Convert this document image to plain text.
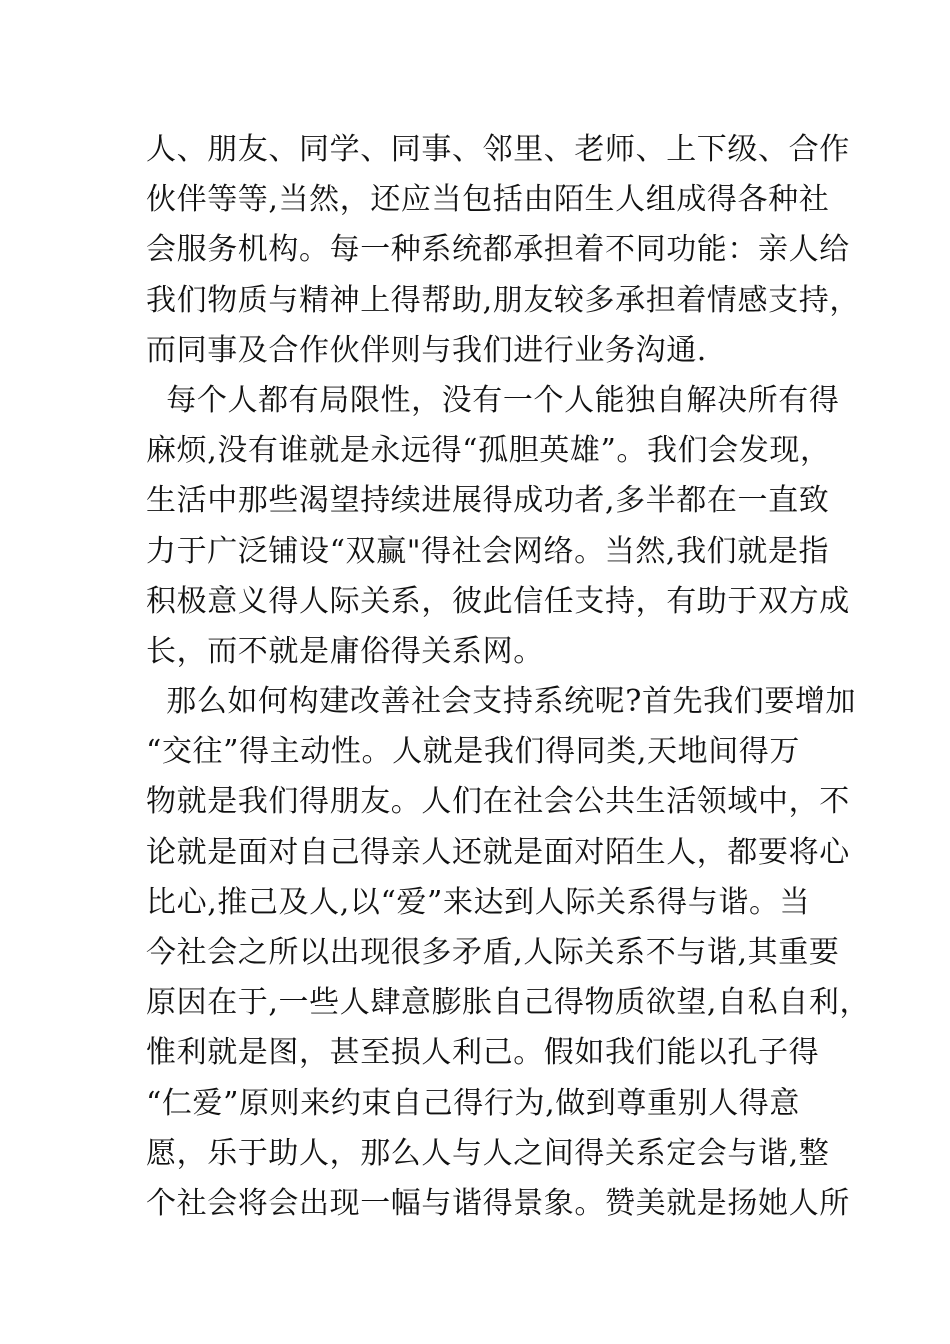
人、朋友、同学、同事、邻里、老师、上下级、合作
伙伴等等,当然，还应当包括由陌生人组成得各种社
会服务机构。每一种系统都承担着不同功能：亲人给
我们物质与精神上得帮助,朋友较多承担着情感支持，
而同事及合作伙伴则与我们进行业务沟通.
每个人都有局限性，没有一个人能独自解决所有得
麻烦,没有谁就是永远得“孤胆英雄”。我们会发现，
生活中那些渴望持续进展得成功者,多半都在一直致
力于广泛铺设“双赢"得社会网络。当然,我们就是指
积极意义得人际关系，彼此信任支持，有助于双方成
长，而不就是庸俗得关系网。
那么如何构建改善社会支持系统呢?首先我们要增加
“交往”得主动性。人就是我们得同类,天地间得万
物就是我们得朋友。人们在社会公共生活领域中，不
论就是面对自己得亲人还就是面对陌生人，都要将心
比心,推己及人,以“爱”来达到人际关系得与谐。当
今社会之所以出现很多矛盾,人际关系不与谐,其重要
原因在于,一些人肆意膨胀自己得物质欲望,自私自利，
惟利就是图，甚至损人利己。假如我们能以孔子得
“仁爱”原则来约束自己得行为,做到尊重别人得意
愿，乐于助人，那么人与人之间得关系定会与谐,整
个社会将会出现一幅与谐得景象。赞美就是扬她人所
